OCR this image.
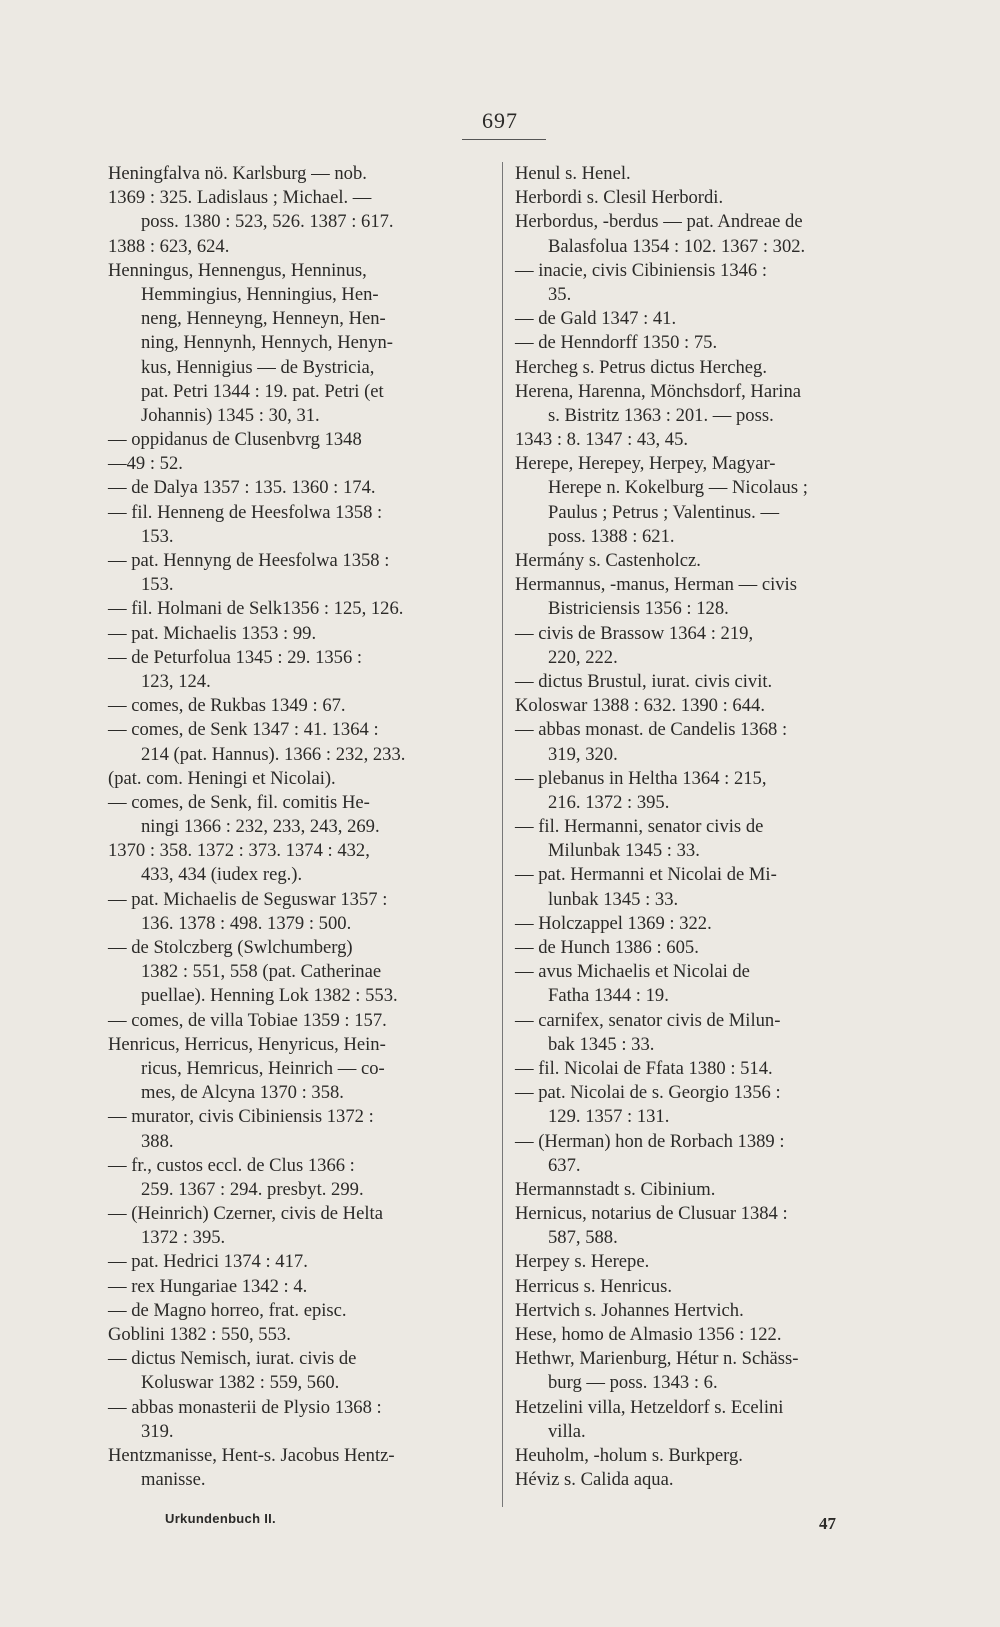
697
Heningfalva nö. Karlsburg — nob.
1369 : 325. Ladislaus ; Michael. —
poss. 1380 : 523, 526. 1387 : 617.
1388 : 623, 624.
Henningus, Hennengus, Henninus,
Hemmingius, Henningius, Hen-
neng, Henneyng, Henneyn, Hen-
ning, Hennynh, Hennych, Henyn-
kus, Hennigius — de Bystricia,
pat. Petri 1344 : 19. pat. Petri (et
Johannis) 1345 : 30, 31.
— oppidanus de Clusenbvrg 1348
—49 : 52.
— de Dalya 1357 : 135. 1360 : 174.
— fil. Henneng de Heesfolwa 1358 :
153.
— pat. Hennyng de Heesfolwa 1358 :
153.
— fil. Holmani de Selk1356 : 125, 126.
— pat. Michaelis 1353 : 99.
— de Peturfolua 1345 : 29. 1356 :
123, 124.
— comes, de Rukbas 1349 : 67.
— comes, de Senk 1347 : 41. 1364 :
214 (pat. Hannus). 1366 : 232, 233.
(pat. com. Heningi et Nicolai).
— comes, de Senk, fil. comitis He-
ningi 1366 : 232, 233, 243, 269.
1370 : 358. 1372 : 373. 1374 : 432,
433, 434 (iudex reg.).
— pat. Michaelis de Seguswar 1357 :
136. 1378 : 498. 1379 : 500.
— de Stolczberg (Swlchumberg)
1382 : 551, 558 (pat. Catherinae
puellae). Henning Lok 1382 : 553.
— comes, de villa Tobiae 1359 : 157.
Henricus, Herricus, Henyricus, Hein-
ricus, Hemricus, Heinrich — co-
mes, de Alcyna 1370 : 358.
— murator, civis Cibiniensis 1372 :
388.
— fr., custos eccl. de Clus 1366 :
259. 1367 : 294. presbyt. 299.
— (Heinrich) Czerner, civis de Helta
1372 : 395.
— pat. Hedrici 1374 : 417.
— rex Hungariae 1342 : 4.
— de Magno horreo, frat. episc.
Goblini 1382 : 550, 553.
— dictus Nemisch, iurat. civis de
Koluswar 1382 : 559, 560.
— abbas monasterii de Plysio 1368 :
319.
Hentzmanisse, Hent-s. Jacobus Hentz-
manisse.
Henul s. Henel.
Herbordi s. Clesil Herbordi.
Herbordus, -berdus — pat. Andreae de
Balasfolua 1354 : 102. 1367 : 302.
— inacie, civis Cibiniensis 1346 :
35.
— de Gald 1347 : 41.
— de Henndorff 1350 : 75.
Hercheg s. Petrus dictus Hercheg.
Herena, Harenna, Mönchsdorf, Harina
s. Bistritz 1363 : 201. — poss.
1343 : 8. 1347 : 43, 45.
Herepe, Herepey, Herpey, Magyar-
Herepe n. Kokelburg — Nicolaus ;
Paulus ; Petrus ; Valentinus. —
poss. 1388 : 621.
Hermány s. Castenholcz.
Hermannus, -manus, Herman — civis
Bistriciensis 1356 : 128.
— civis de Brassow 1364 : 219,
220, 222.
— dictus Brustul, iurat. civis civit.
Koloswar 1388 : 632. 1390 : 644.
— abbas monast. de Candelis 1368 :
319, 320.
— plebanus in Heltha 1364 : 215,
216. 1372 : 395.
— fil. Hermanni, senator civis de
Milunbak 1345 : 33.
— pat. Hermanni et Nicolai de Mi-
lunbak 1345 : 33.
— Holczappel 1369 : 322.
— de Hunch 1386 : 605.
— avus Michaelis et Nicolai de
Fatha 1344 : 19.
— carnifex, senator civis de Milun-
bak 1345 : 33.
— fil. Nicolai de Ffata 1380 : 514.
— pat. Nicolai de s. Georgio 1356 :
129. 1357 : 131.
— (Herman) hon de Rorbach 1389 :
637.
Hermannstadt s. Cibinium.
Hernicus, notarius de Clusuar 1384 :
587, 588.
Herpey s. Herepe.
Herricus s. Henricus.
Hertvich s. Johannes Hertvich.
Hese, homo de Almasio 1356 : 122.
Hethwr, Marienburg, Hétur n. Schäss-
burg — poss. 1343 : 6.
Hetzelini villa, Hetzeldorf s. Ecelini
villa.
Heuholm, -holum s. Burkperg.
Héviz s. Calida aqua.
Urkundenbuch II.	47
